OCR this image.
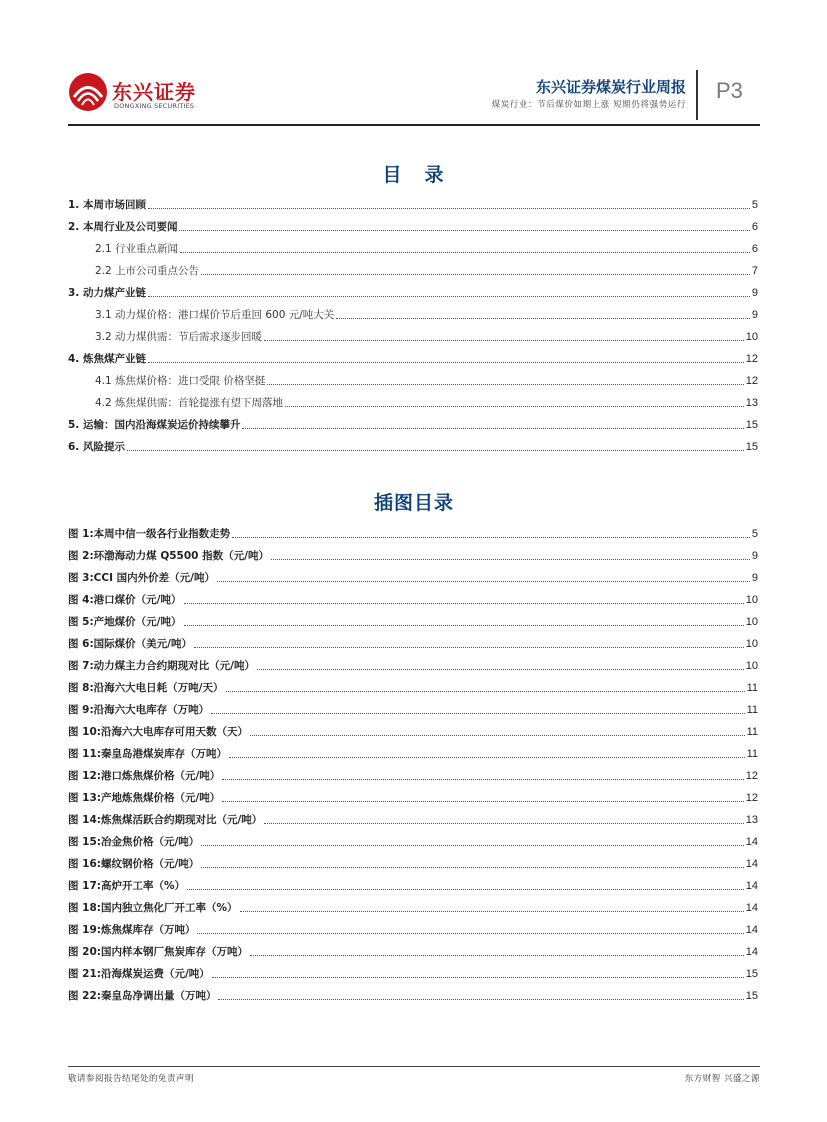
东兴证券
DONGXING SECURITIES
东兴证券煤炭行业周报
煤炭行业：节后煤价如期上涨 短期仍将强势运行
P3
目　录
1. 本周市场回顾	5
2. 本周行业及公司要闻	6
2.1 行业重点新闻	6
2.2 上市公司重点公告	7
3. 动力煤产业链	9
3.1 动力煤价格：港口煤价节后重回 600 元/吨大关	9
3.2 动力煤供需：节后需求逐步回暖	10
4. 炼焦煤产业链	12
4.1 炼焦煤价格：进口受限 价格坚挺	12
4.2 炼焦煤供需：首轮提涨有望下周落地	13
5. 运输：国内沿海煤炭运价持续攀升	15
6. 风险提示	15
插图目录
图 1:本周中信一级各行业指数走势	5
图 2:环渤海动力煤 Q5500 指数（元/吨）	9
图 3:CCI 国内外价差（元/吨）	9
图 4:港口煤价（元/吨）	10
图 5:产地煤价（元/吨）	10
图 6:国际煤价（美元/吨）	10
图 7:动力煤主力合约期现对比（元/吨）	10
图 8:沿海六大电日耗（万吨/天）	11
图 9:沿海六大电库存（万吨）	11
图 10:沿海六大电库存可用天数（天）	11
图 11:秦皇岛港煤炭库存（万吨）	11
图 12:港口炼焦煤价格（元/吨）	12
图 13:产地炼焦煤价格（元/吨）	12
图 14:炼焦煤活跃合约期现对比（元/吨）	13
图 15:冶金焦价格（元/吨）	14
图 16:螺纹钢价格（元/吨）	14
图 17:高炉开工率（%）	14
图 18:国内独立焦化厂开工率（%）	14
图 19:炼焦煤库存（万吨）	14
图 20:国内样本钢厂焦炭库存（万吨）	14
图 21:沿海煤炭运费（元/吨）	15
图 22:秦皇岛净调出量（万吨）	15
敬请参阅报告结尾处的免责声明	东方财智 兴盛之源
